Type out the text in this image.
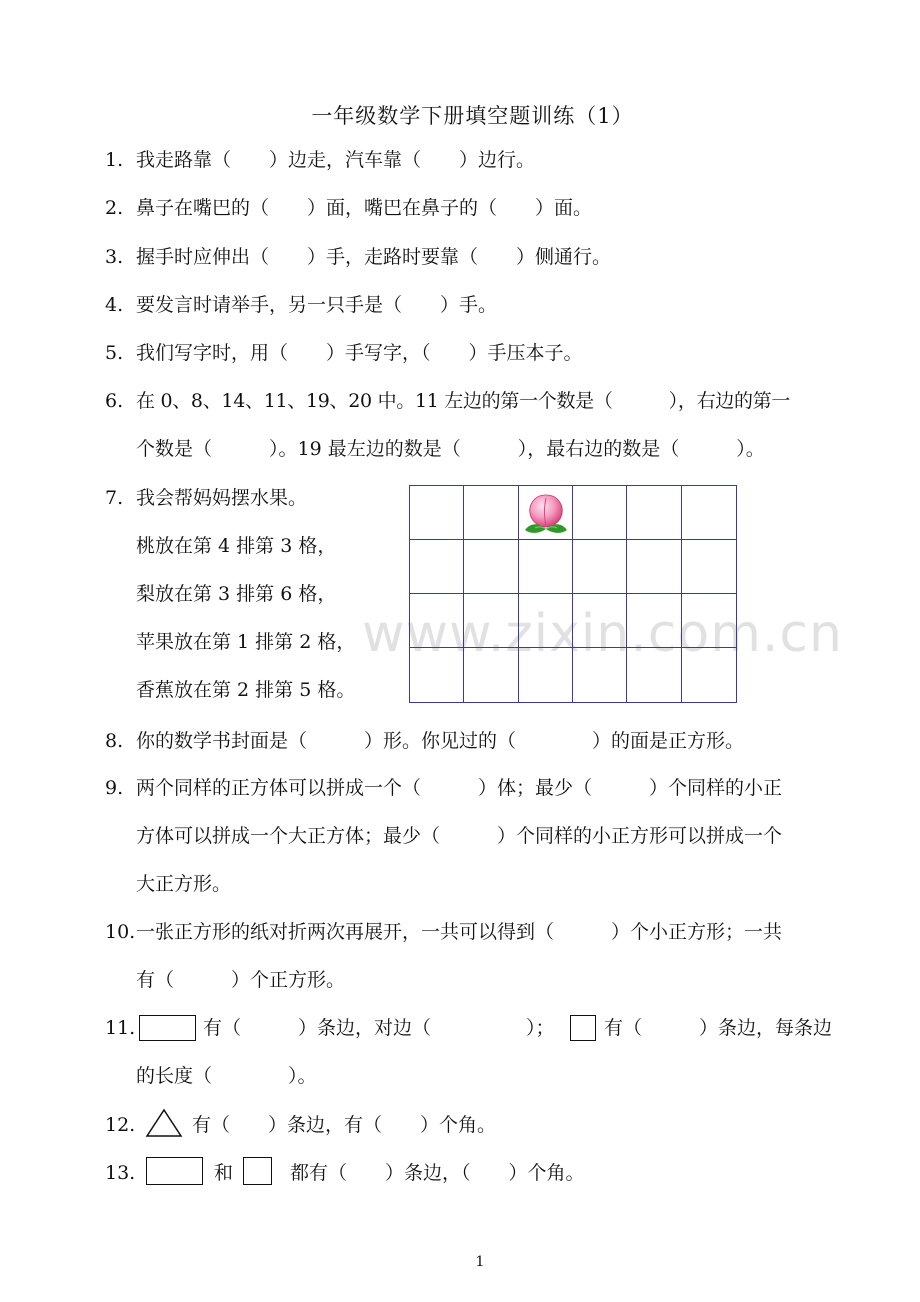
www.zixin.com.cn
一年级数学下册填空题训练（1）
1. 我走路靠（　　）边走，汽车靠（　　）边行。
2. 鼻子在嘴巴的（　　）面，嘴巴在鼻子的（　　）面。
3. 握手时应伸出（　　）手，走路时要靠（　　）侧通行。
4. 要发言时请举手，另一只手是（　　）手。
5. 我们写字时，用（　　）手写字，（　　）手压本子。
6. 在 0、8、14、11、19、20 中。11 左边的第一个数是（　　　），右边的第一
个数是（　　　）。19 最左边的数是（　　　），最右边的数是（　　　）。
7. 我会帮妈妈摆水果。
桃放在第 4 排第 3 格，
梨放在第 3 排第 6 格，
苹果放在第 1 排第 2 格，
香蕉放在第 2 排第 5 格。
8. 你的数学书封面是（　　　）形。你见过的（　　　　）的面是正方形。
9. 两个同样的正方体可以拼成一个（　　　）体；最少（　　　）个同样的小正
方体可以拼成一个大正方体；最少（　　　）个同样的小正方形可以拼成一个
大正方形。
10.一张正方形的纸对折两次再展开，一共可以得到（　　　）个小正方形；一共
有（　　　）个正方形。
11.	有（　　　）条边，对边（　　　　　）；	有（　　　）条边，每条边
的长度（　　　　）。
12.	有（　　）条边，有（　　）个角。
13.	和	都有（　　）条边，（　　）个角。
1
